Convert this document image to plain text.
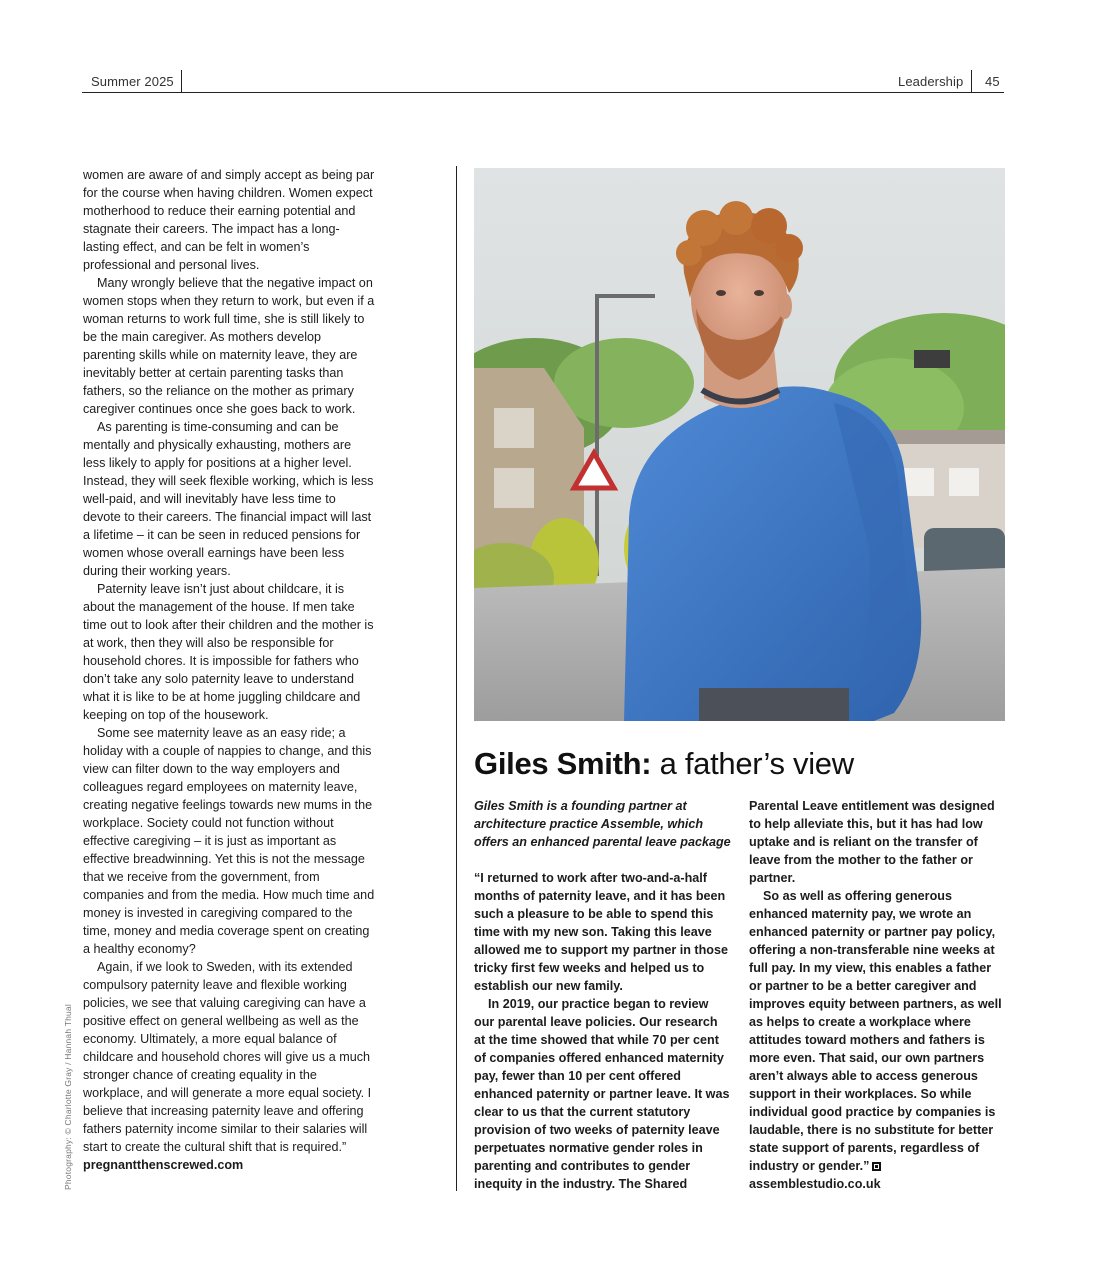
Summer 2025	Leadership 45

women are aware of and simply accept as being par for the course when having children. Women expect motherhood to reduce their earning potential and stagnate their careers. The impact has a long-lasting effect, and can be felt in women’s professional and personal lives.

Many wrongly believe that the negative impact on women stops when they return to work, but even if a woman returns to work full time, she is still likely to be the main caregiver. As mothers develop parenting skills while on maternity leave, they are inevitably better at certain parenting tasks than fathers, so the reliance on the mother as primary caregiver continues once she goes back to work.

As parenting is time-consuming and can be mentally and physically exhausting, mothers are less likely to apply for positions at a higher level. Instead, they will seek flexible working, which is less well-paid, and will inevitably have less time to devote to their careers. The financial impact will last a lifetime – it can be seen in reduced pensions for women whose overall earnings have been less during their working years.

Paternity leave isn’t just about childcare, it is about the management of the house. If men take time out to look after their children and the mother is at work, then they will also be responsible for household chores. It is impossible for fathers who don’t take any solo paternity leave to understand what it is like to be at home juggling childcare and keeping on top of the housework.

Some see maternity leave as an easy ride; a holiday with a couple of nappies to change, and this view can filter down to the way employers and colleagues regard employees on maternity leave, creating negative feelings towards new mums in the workplace. Society could not function without effective caregiving – it is just as important as effective breadwinning. Yet this is not the message that we receive from the government, from companies and from the media. How much time and money is invested in caregiving compared to the time, money and media coverage spent on creating a healthy economy?

Again, if we look to Sweden, with its extended compulsory paternity leave and flexible working policies, we see that valuing caregiving can have a positive effect on general wellbeing as well as the economy. Ultimately, a more equal balance of childcare and household chores will give us a much stronger chance of creating equality in the workplace, and will generate a more equal society. I believe that increasing paternity leave and offering fathers paternity income similar to their salaries will start to create the cultural shift that is required.”

pregnantthenscrewed.com
Giles Smith: a father’s view

Giles Smith is a founding partner at architecture practice Assemble, which offers an enhanced parental leave package

“I returned to work after two-and-a-half months of paternity leave, and it has been such a pleasure to be able to spend this time with my new son. Taking this leave allowed me to support my partner in those tricky first few weeks and helped us to establish our new family.

In 2019, our practice began to review our parental leave policies. Our research at the time showed that while 70 per cent of companies offered enhanced maternity pay, fewer than 10 per cent offered enhanced paternity or partner leave. It was clear to us that the current statutory provision of two weeks of paternity leave perpetuates normative gender roles in parenting and contributes to gender inequity in the industry. The Shared

Parental Leave entitlement was designed to help alleviate this, but it has had low uptake and is reliant on the transfer of leave from the mother to the father or partner.

So as well as offering generous enhanced maternity pay, we wrote an enhanced paternity or partner pay policy, offering a non-transferable nine weeks at full pay. In my view, this enables a father or partner to be a better caregiver and improves equity between partners, as well as helps to create a workplace where attitudes toward mothers and fathers is more even. That said, our own partners aren’t always able to access generous support in their workplaces. So while individual good practice by companies is laudable, there is no substitute for better state support of parents, regardless of industry or gender.”

assemblestudio.co.uk

Photography: © Charlotte Gray / Hannah Thual
